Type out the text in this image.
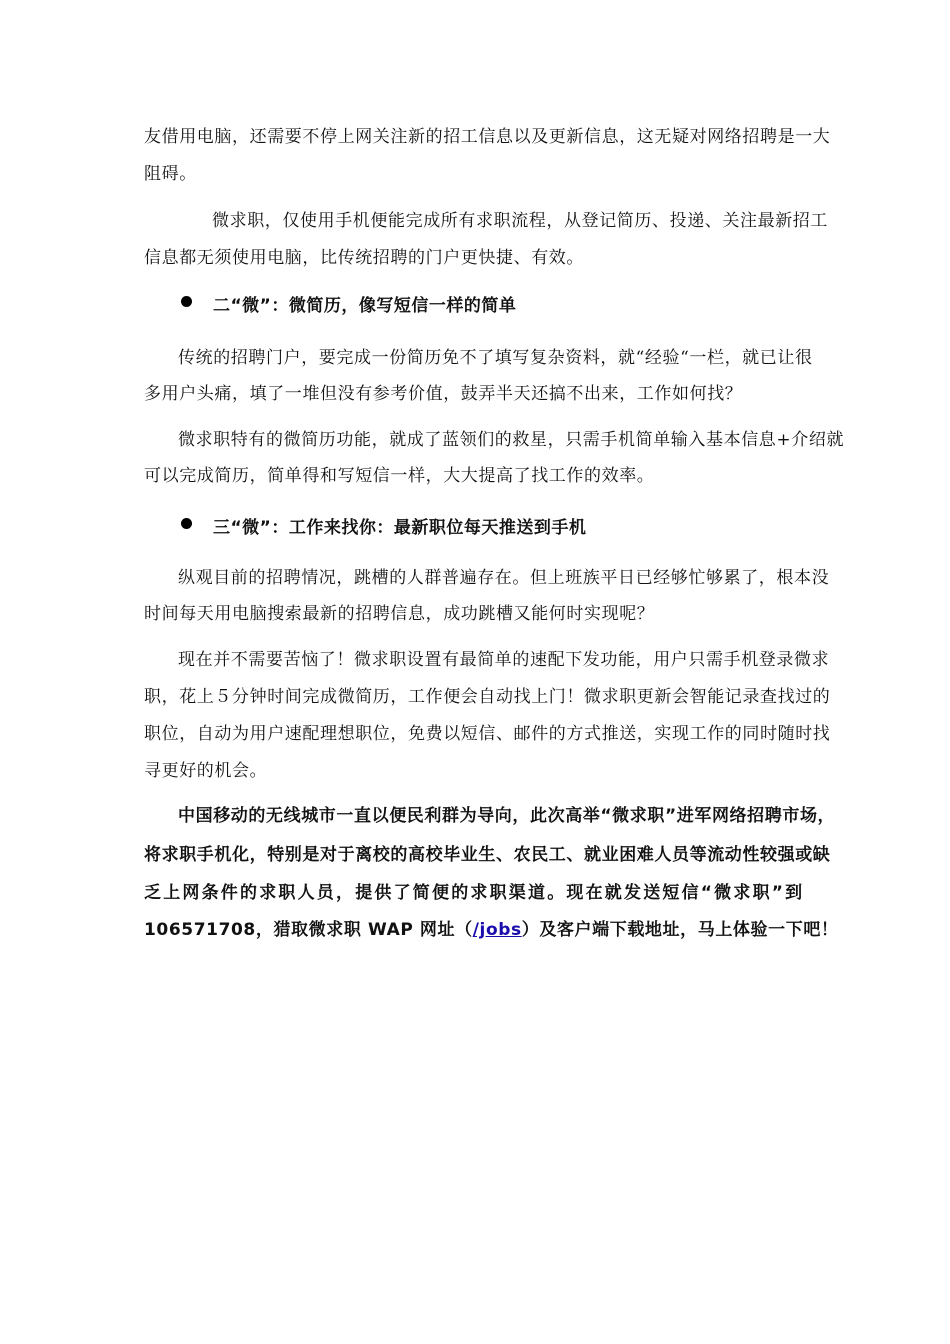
友借用电脑，还需要不停上网关注新的招工信息以及更新信息，这无疑对网络招聘是一大
阻碍。
微求职，仅使用手机便能完成所有求职流程，从登记简历、投递、关注最新招工
信息都无须使用电脑，比传统招聘的门户更快捷、有效。
二“微”：微简历，像写短信一样的简单
传统的招聘门户，要完成一份简历免不了填写复杂资料，就“经验“一栏，就已让很
多用户头痛，填了一堆但没有参考价值，鼓弄半天还搞不出来，工作如何找？
微求职特有的微简历功能，就成了蓝领们的救星，只需手机简单输入基本信息+介绍就
可以完成简历，简单得和写短信一样，大大提高了找工作的效率。
三“微”：工作来找你：最新职位每天推送到手机
纵观目前的招聘情况，跳槽的人群普遍存在。但上班族平日已经够忙够累了，根本没
时间每天用电脑搜索最新的招聘信息，成功跳槽又能何时实现呢？
现在并不需要苦恼了！微求职设置有最简单的速配下发功能，用户只需手机登录微求
职，花上５分钟时间完成微简历，工作便会自动找上门！微求职更新会智能记录查找过的
职位，自动为用户速配理想职位，免费以短信、邮件的方式推送，实现工作的同时随时找
寻更好的机会。
中国移动的无线城市一直以便民利群为导向，此次高举“微求职”进军网络招聘市场，
将求职手机化，特别是对于离校的高校毕业生、农民工、就业困难人员等流动性较强或缺
乏上网条件的求职人员，提供了简便的求职渠道。现在就发送短信“微求职”到
106571708，猎取微求职 WAP 网址（/jobs）及客户端下载地址，马上体验一下吧！
